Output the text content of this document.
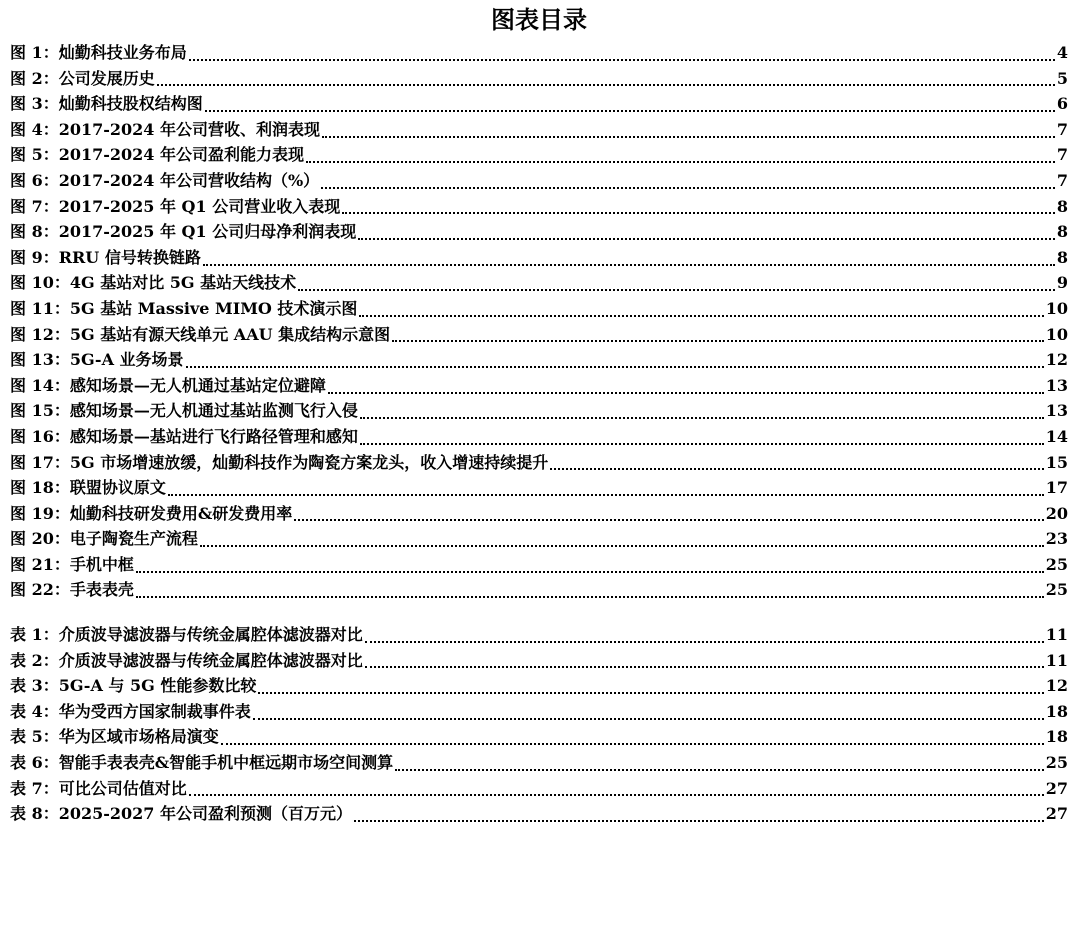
图表目录
图 1：灿勤科技业务布局	4
图 2：公司发展历史	5
图 3：灿勤科技股权结构图	6
图 4：2017-2024 年公司营收、利润表现	7
图 5：2017-2024 年公司盈利能力表现	7
图 6：2017-2024 年公司营收结构（%）	7
图 7：2017-2025 年 Q1 公司营业收入表现	8
图 8：2017-2025 年 Q1 公司归母净利润表现	8
图 9：RRU 信号转换链路	8
图 10：4G 基站对比 5G 基站天线技术	9
图 11：5G 基站 Massive MIMO 技术演示图	10
图 12：5G 基站有源天线单元 AAU 集成结构示意图	10
图 13：5G-A 业务场景	12
图 14：感知场景—无人机通过基站定位避障	13
图 15：感知场景—无人机通过基站监测飞行入侵	13
图 16：感知场景—基站进行飞行路径管理和感知	14
图 17：5G 市场增速放缓，灿勤科技作为陶瓷方案龙头，收入增速持续提升	15
图 18：联盟协议原文	17
图 19：灿勤科技研发费用&研发费用率	20
图 20：电子陶瓷生产流程	23
图 21：手机中框	25
图 22：手表表壳	25
表 1：介质波导滤波器与传统金属腔体滤波器对比	11
表 2：介质波导滤波器与传统金属腔体滤波器对比	11
表 3：5G-A 与 5G 性能参数比较	12
表 4：华为受西方国家制裁事件表	18
表 5：华为区域市场格局演变	18
表 6：智能手表表壳&智能手机中框远期市场空间测算	25
表 7：可比公司估值对比	27
表 8：2025-2027 年公司盈利预测（百万元）	27
